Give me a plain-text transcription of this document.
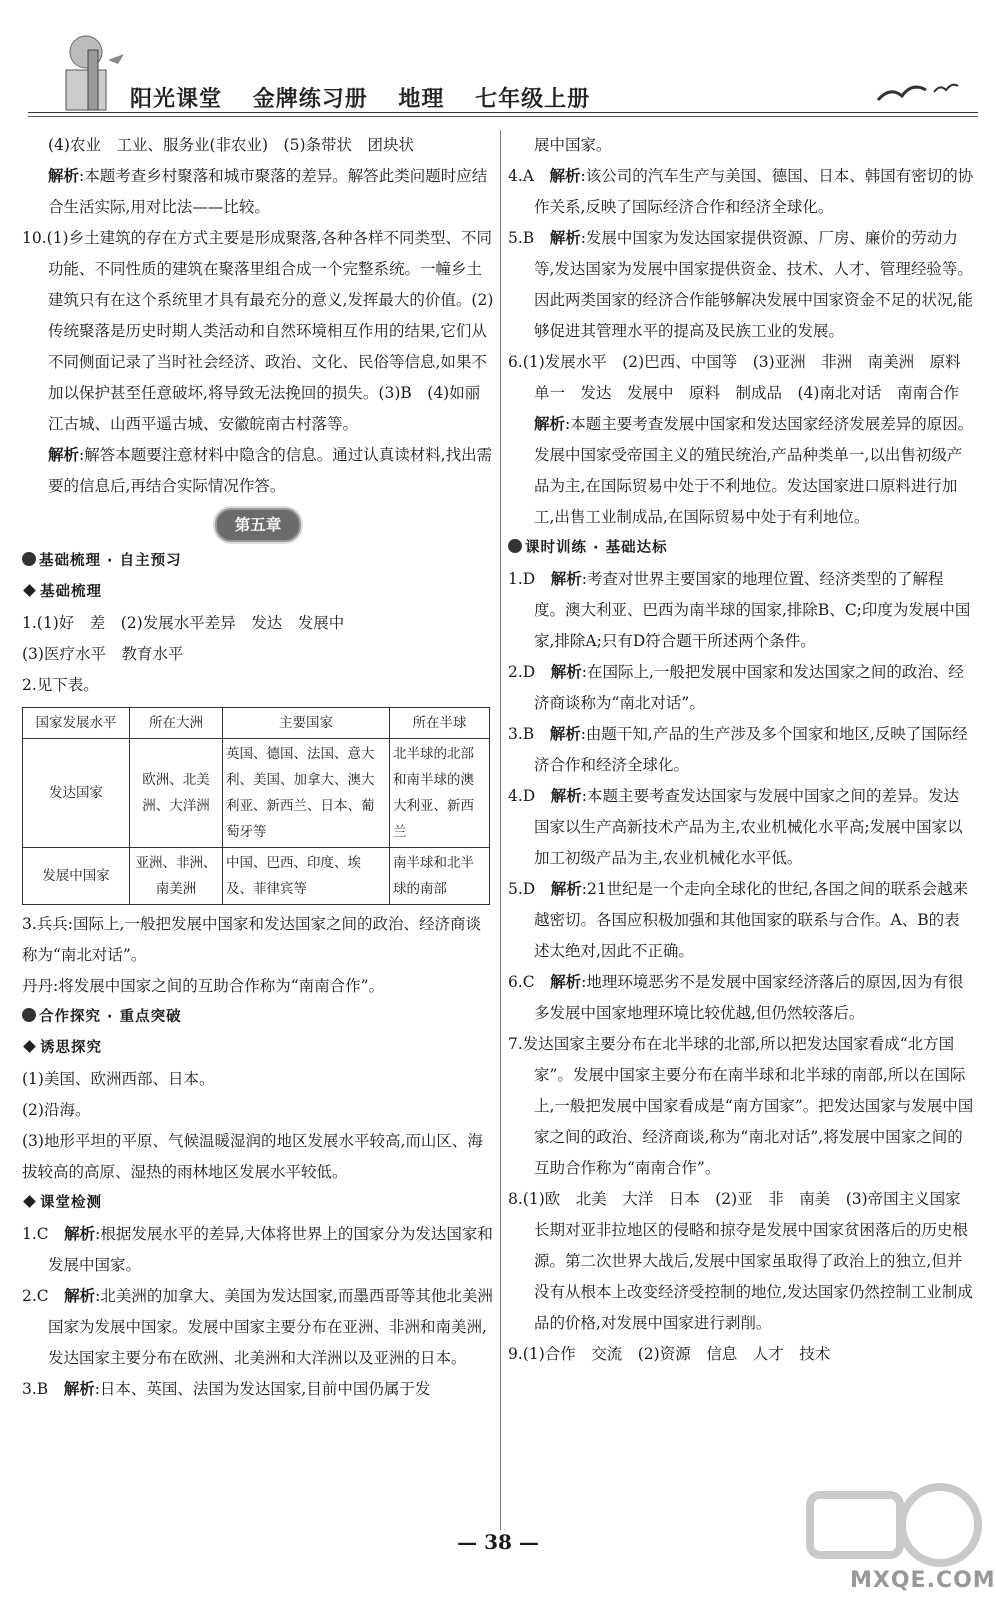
阳光课堂 金牌练习册 地理 七年级上册

(4)农业　工业、服务业(非农业)　(5)条带状　团块状

解析:本题考查乡村聚落和城市聚落的差异。解答此类问题时应结合生活实际,用对比法——比较。

10.(1)乡土建筑的存在方式主要是形成聚落,各种各样不同类型、不同功能、不同性质的建筑在聚落里组合成一个完整系统。一幢乡土建筑只有在这个系统里才具有最充分的意义,发挥最大的价值。(2)传统聚落是历史时期人类活动和自然环境相互作用的结果,它们从不同侧面记录了当时社会经济、政治、文化、民俗等信息,如果不加以保护甚至任意破坏,将导致无法挽回的损失。(3)B　(4)如丽江古城、山西平遥古城、安徽皖南古村落等。

解析:解答本题要注意材料中隐含的信息。通过认真读材料,找出需要的信息后,再结合实际情况作答。

第五章

基础梳理 · 自主预习

基础梳理

1.(1)好　差　(2)发展水平差异　发达　发展中

(3)医疗水平　教育水平

2.见下表。

国家发展水平	所在大洲	主要国家	所在半球
发达国家	欧洲、北美洲、大洋洲	英国、德国、法国、意大利、美国、加拿大、澳大利亚、新西兰、日本、葡萄牙等	北半球的北部和南半球的澳大利亚、新西兰
发展中国家	亚洲、非洲、南美洲	中国、巴西、印度、埃及、菲律宾等	南半球和北半球的南部

3.兵兵:国际上,一般把发展中国家和发达国家之间的政治、经济商谈称为“南北对话”。

丹丹:将发展中国家之间的互助合作称为“南南合作”。

合作探究 · 重点突破

诱思探究

(1)美国、欧洲西部、日本。

(2)沿海。

(3)地形平坦的平原、气候温暖湿润的地区发展水平较高,而山区、海拔较高的高原、湿热的雨林地区发展水平较低。

课堂检测

1.C　解析:根据发展水平的差异,大体将世界上的国家分为发达国家和发展中国家。

2.C　解析:北美洲的加拿大、美国为发达国家,而墨西哥等其他北美洲国家为发展中国家。发展中国家主要分布在亚洲、非洲和南美洲,发达国家主要分布在欧洲、北美洲和大洋洲以及亚洲的日本。

3.B　解析:日本、英国、法国为发达国家,目前中国仍属于发

展中国家。

4.A　解析:该公司的汽车生产与美国、德国、日本、韩国有密切的协作关系,反映了国际经济合作和经济全球化。

5.B　解析:发展中国家为发达国家提供资源、厂房、廉价的劳动力等,发达国家为发展中国家提供资金、技术、人才、管理经验等。因此两类国家的经济合作能够解决发展中国家资金不足的状况,能够促进其管理水平的提高及民族工业的发展。

6.(1)发展水平　(2)巴西、中国等　(3)亚洲　非洲　南美洲　原料　单一　发达　发展中　原料　制成品　(4)南北对话　南南合作

解析:本题主要考查发展中国家和发达国家经济发展差异的原因。发展中国家受帝国主义的殖民统治,产品种类单一,以出售初级产品为主,在国际贸易中处于不利地位。发达国家进口原料进行加工,出售工业制成品,在国际贸易中处于有利地位。

课时训练 · 基础达标

1.D　解析:考查对世界主要国家的地理位置、经济类型的了解程度。澳大利亚、巴西为南半球的国家,排除B、C;印度为发展中国家,排除A;只有D符合题干所述两个条件。

2.D　解析:在国际上,一般把发展中国家和发达国家之间的政治、经济商谈称为“南北对话”。

3.B　解析:由题干知,产品的生产涉及多个国家和地区,反映了国际经济合作和经济全球化。

4.D　解析:本题主要考查发达国家与发展中国家之间的差异。发达国家以生产高新技术产品为主,农业机械化水平高;发展中国家以加工初级产品为主,农业机械化水平低。

5.D　解析:21世纪是一个走向全球化的世纪,各国之间的联系会越来越密切。各国应积极加强和其他国家的联系与合作。A、B的表述太绝对,因此不正确。

6.C　解析:地理环境恶劣不是发展中国家经济落后的原因,因为有很多发展中国家地理环境比较优越,但仍然较落后。

7.发达国家主要分布在北半球的北部,所以把发达国家看成“北方国家”。发展中国家主要分布在南半球和北半球的南部,所以在国际上,一般把发展中国家看成是“南方国家”。把发达国家与发展中国家之间的政治、经济商谈,称为“南北对话”,将发展中国家之间的互助合作称为“南南合作”。

8.(1)欧　北美　大洋　日本　(2)亚　非　南美　(3)帝国主义国家长期对亚非拉地区的侵略和掠夺是发展中国家贫困落后的历史根源。第二次世界大战后,发展中国家虽取得了政治上的独立,但并没有从根本上改变经济受控制的地位,发达国家仍然控制工业制成品的价格,对发展中国家进行剥削。

9.(1)合作　交流　(2)资源　信息　人才　技术

— 38 —
MXQE.COM
